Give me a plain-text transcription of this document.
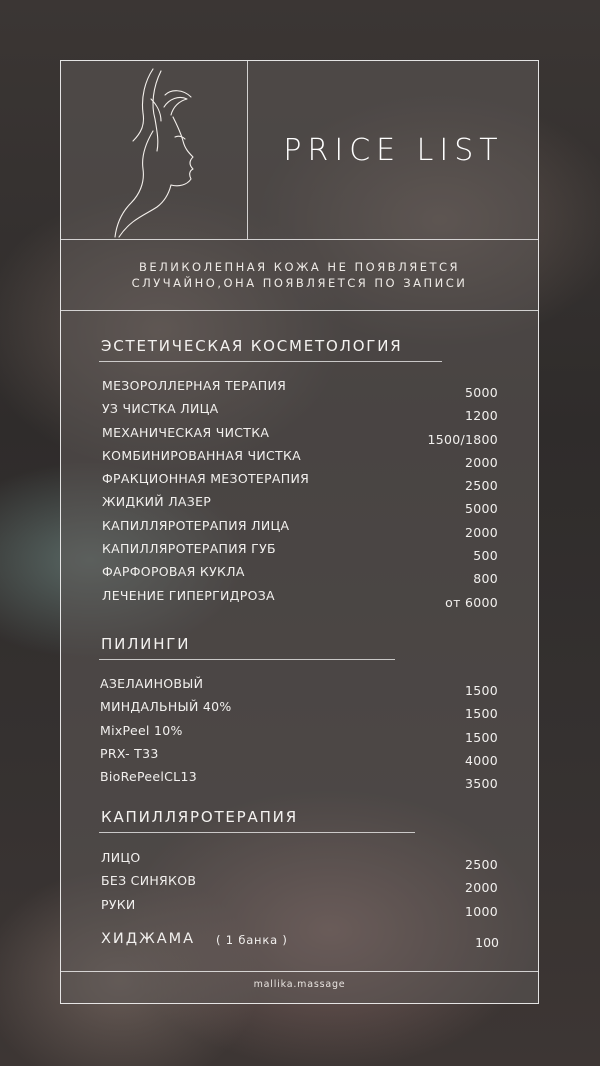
PRICE LIST
ВЕЛИКОЛЕПНАЯ КОЖА НЕ ПОЯВЛЯЕТСЯ
СЛУЧАЙНО,ОНА ПОЯВЛЯЕТСЯ ПО ЗАПИСИ
ЭСТЕТИЧЕСКАЯ КОСМЕТОЛОГИЯ
МЕЗОРОЛЛЕРНАЯ ТЕРАПИЯ	5000
УЗ ЧИСТКА ЛИЦА	1200
МЕХАНИЧЕСКАЯ ЧИСТКА	1500/1800
КОМБИНИРОВАННАЯ ЧИСТКА	2000
ФРАКЦИОННАЯ МЕЗОТЕРАПИЯ	2500
ЖИДКИЙ ЛАЗЕР	5000
КАПИЛЛЯРОТЕРАПИЯ ЛИЦА	2000
КАПИЛЛЯРОТЕРАПИЯ ГУБ	500
ФАРФОРОВАЯ КУКЛА	800
ЛЕЧЕНИЕ ГИПЕРГИДРОЗА	от 6000
ПИЛИНГИ
АЗЕЛАИНОВЫЙ	1500
МИНДАЛЬНЫЙ 40%	1500
MixPeel 10%	1500
PRX- T33	4000
BioRePeelCL13	3500
КАПИЛЛЯРОТЕРАПИЯ
ЛИЦО	2500
БЕЗ СИНЯКОВ	2000
РУКИ	1000
ХИДЖАМА ( 1 банка )	100
mallika.massage
